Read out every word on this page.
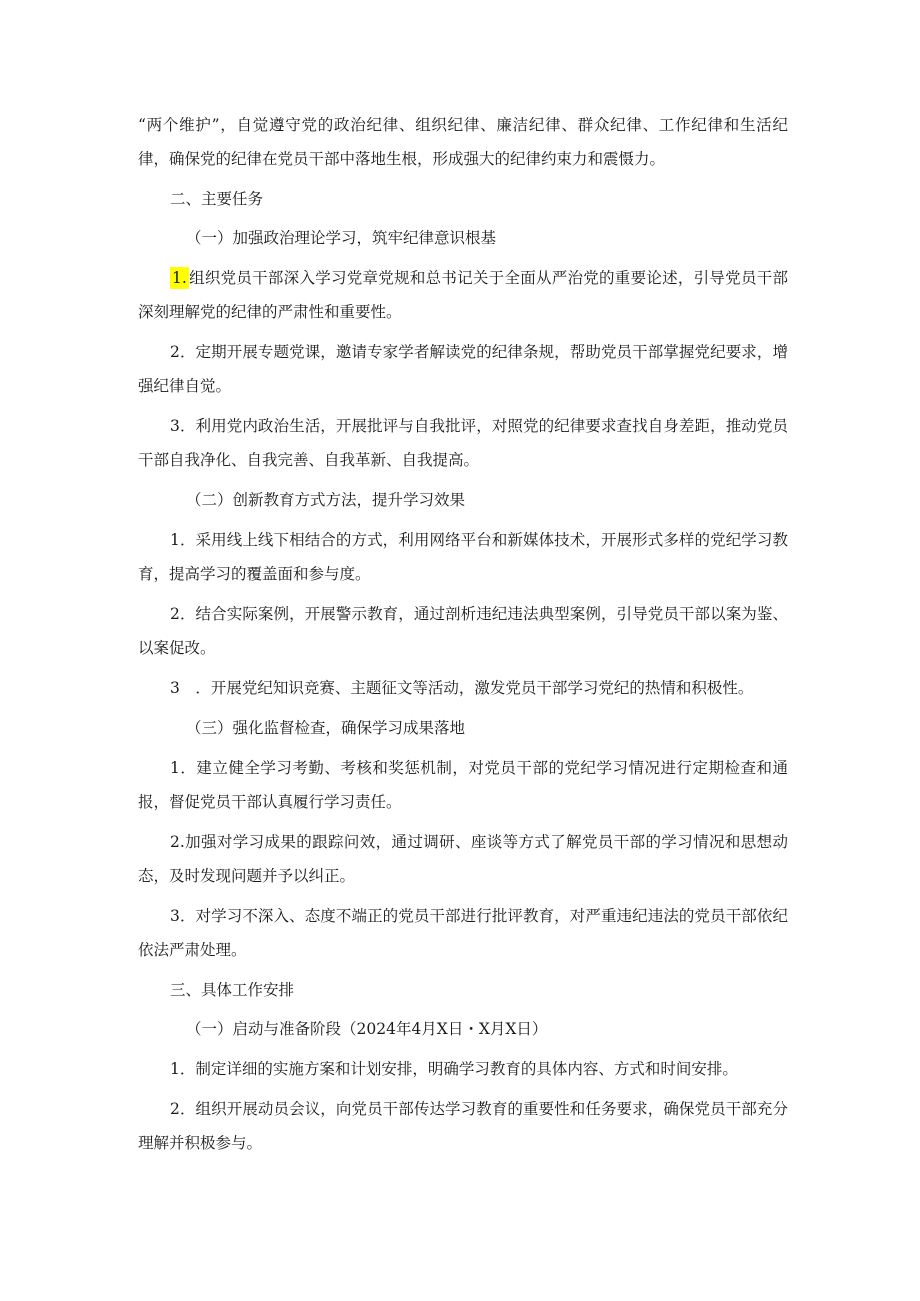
“两个维护”，自觉遵守党的政治纪律、组织纪律、廉洁纪律、群众纪律、工作纪律和生活纪律，确保党的纪律在党员干部中落地生根，形成强大的纪律约束力和震慑力。

二、主要任务

（一）加强政治理论学习，筑牢纪律意识根基

1. 组织党员干部深入学习党章党规和总书记关于全面从严治党的重要论述，引导党员干部深刻理解党的纪律的严肃性和重要性。

2．定期开展专题党课，邀请专家学者解读党的纪律条规，帮助党员干部掌握党纪要求，增强纪律自觉。

3．利用党内政治生活，开展批评与自我批评，对照党的纪律要求查找自身差距，推动党员干部自我净化、自我完善、自我革新、自我提高。

（二）创新教育方式方法，提升学习效果

1．采用线上线下相结合的方式，利用网络平台和新媒体技术，开展形式多样的党纪学习教育，提高学习的覆盖面和参与度。

2．结合实际案例，开展警示教育，通过剖析违纪违法典型案例，引导党员干部以案为鉴、以案促改。

3　．开展党纪知识竞赛、主题征文等活动，激发党员干部学习党纪的热情和积极性。

（三）强化监督检查，确保学习成果落地

1．建立健全学习考勤、考核和奖惩机制，对党员干部的党纪学习情况进行定期检查和通报，督促党员干部认真履行学习责任。

2.加强对学习成果的跟踪问效，通过调研、座谈等方式了解党员干部的学习情况和思想动态，及时发现问题并予以纠正。

3．对学习不深入、态度不端正的党员干部进行批评教育，对严重违纪违法的党员干部依纪依法严肃处理。

三、具体工作安排

（一）启动与准备阶段（2024年4月X日・X月X日）

1．制定详细的实施方案和计划安排，明确学习教育的具体内容、方式和时间安排。

2．组织开展动员会议，向党员干部传达学习教育的重要性和任务要求，确保党员干部充分理解并积极参与。
